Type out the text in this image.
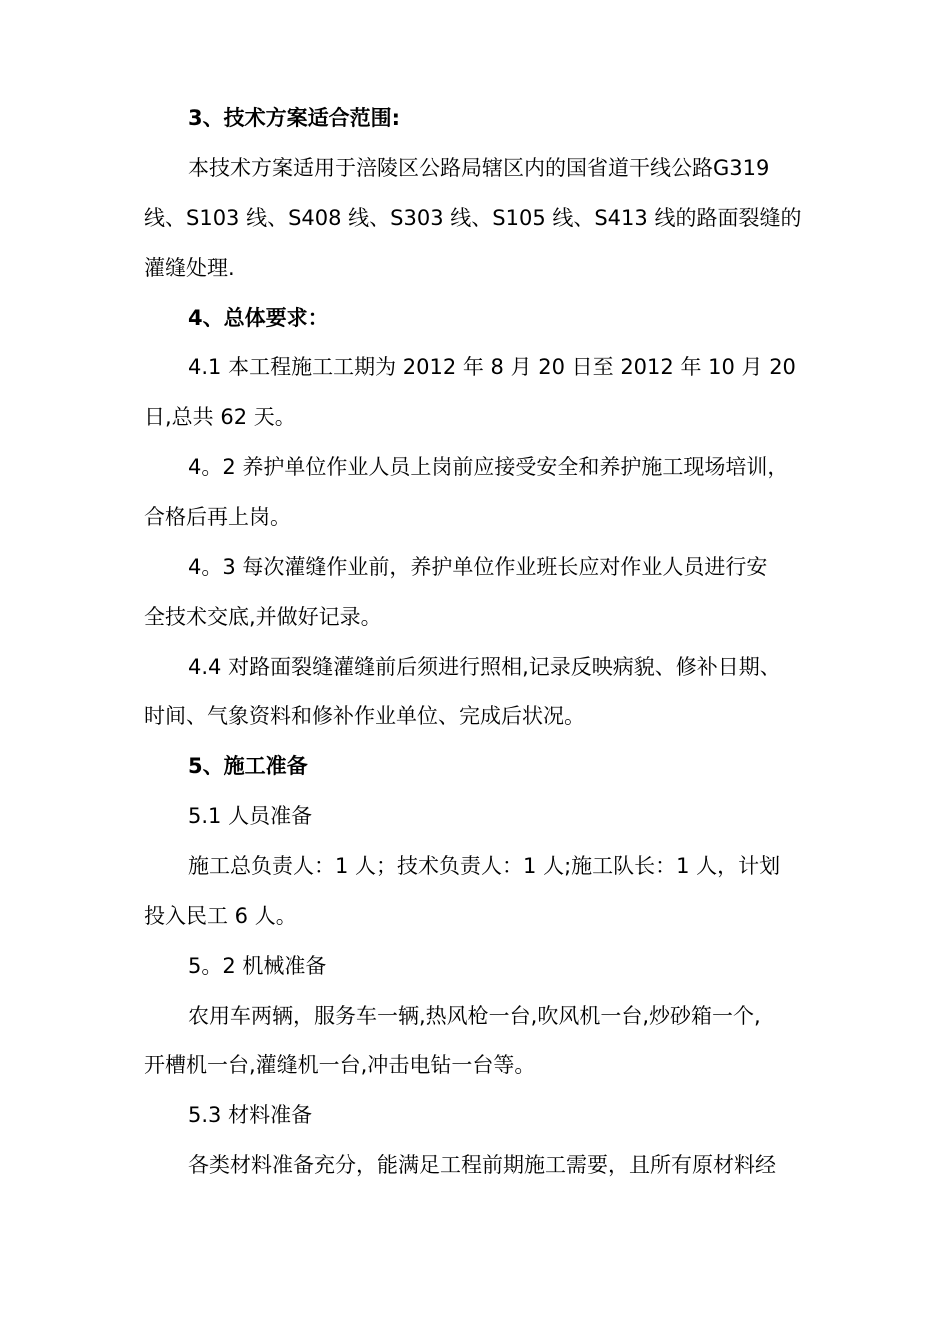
3、技术方案适合范围:
本技术方案适用于涪陵区公路局辖区内的国省道干线公路G319
线、S103 线、S408 线、S303 线、S105 线、S413 线的路面裂缝的
灌缝处理.
4、总体要求：
4.1 本工程施工工期为 2012 年 8 月 20 日至 2012 年 10 月 20
日,总共 62 天。
4。2 养护单位作业人员上岗前应接受安全和养护施工现场培训，
合格后再上岗。
4。3 每次灌缝作业前，养护单位作业班长应对作业人员进行安
全技术交底,并做好记录。
4.4 对路面裂缝灌缝前后须进行照相,记录反映病貌、修补日期、
时间、气象资料和修补作业单位、完成后状况。
5、施工准备
5.1 人员准备
施工总负责人：1 人；技术负责人：1 人;施工队长：1 人，计划
投入民工 6 人。
5。2 机械准备
农用车两辆，服务车一辆,热风枪一台,吹风机一台,炒砂箱一个,
开槽机一台,灌缝机一台,冲击电钻一台等。
5.3 材料准备
各类材料准备充分，能满足工程前期施工需要，且所有原材料经
